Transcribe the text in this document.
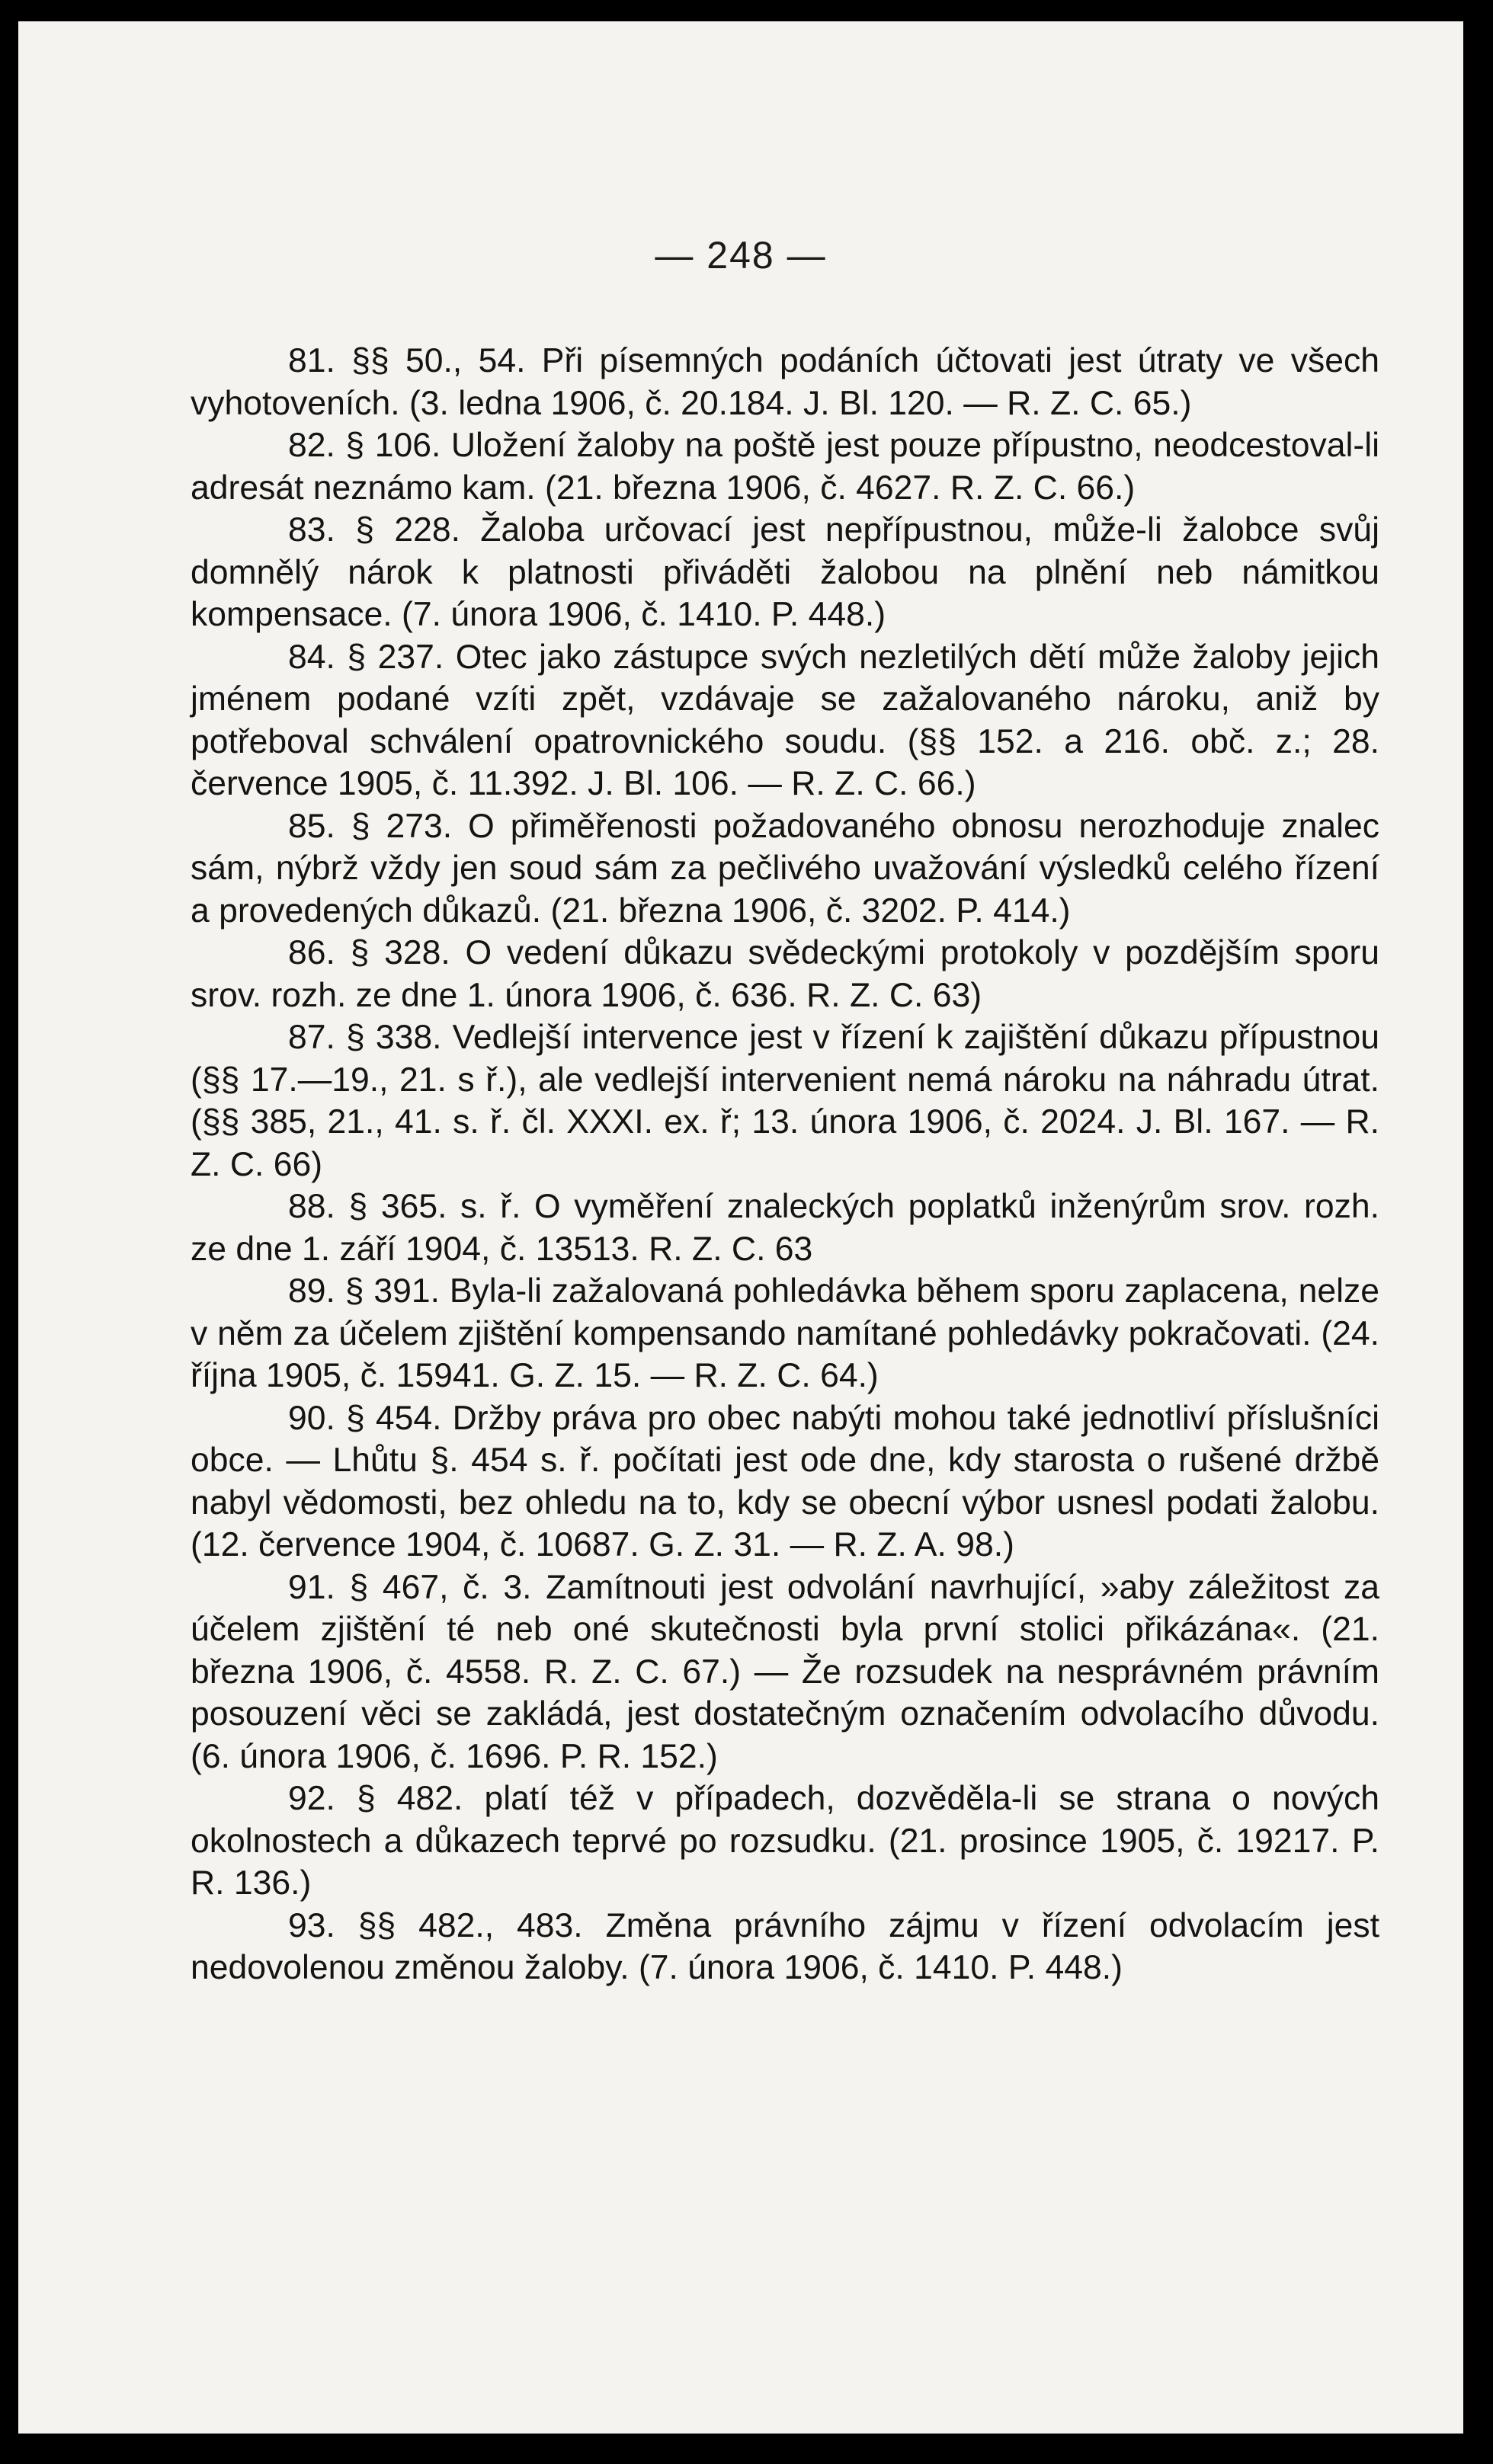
— 248 —

81. §§ 50., 54. Při písemných podáních účtovati jest útraty ve všech vyhotoveních. (3. ledna 1906, č. 20.184. J. Bl. 120. — R. Z. C. 65.)

82. § 106. Uložení žaloby na poště jest pouze přípustno, neodcestoval-li adresát neznámo kam. (21. března 1906, č. 4627. R. Z. C. 66.)

83. § 228. Žaloba určovací jest nepřípustnou, může-li žalobce svůj domnělý nárok k platnosti přiváděti žalobou na plnění neb námitkou kompensace. (7. února 1906, č. 1410. P. 448.)

84. § 237. Otec jako zástupce svých nezletilých dětí může žaloby jejich jménem podané vzíti zpět, vzdávaje se zažalovaného nároku, aniž by potřeboval schválení opatrovnického soudu. (§§ 152. a 216. obč. z.; 28. července 1905, č. 11.392. J. Bl. 106. — R. Z. C. 66.)

85. § 273. O přiměřenosti požadovaného obnosu nerozhoduje znalec sám, nýbrž vždy jen soud sám za pečlivého uvažování výsledků celého řízení a provedených důkazů. (21. března 1906, č. 3202. P. 414.)

86. § 328. O vedení důkazu svědeckými protokoly v pozdějším sporu srov. rozh. ze dne 1. února 1906, č. 636. R. Z. C. 63)

87. § 338. Vedlejší intervence jest v řízení k zajištění důkazu přípustnou (§§ 17.—19., 21. s ř.), ale vedlejší intervenient nemá nároku na náhradu útrat. (§§ 385, 21., 41. s. ř. čl. XXXI. ex. ř; 13. února 1906, č. 2024. J. Bl. 167. — R. Z. C. 66)

88. § 365. s. ř. O vyměření znaleckých poplatků inženýrům srov. rozh. ze dne 1. září 1904, č. 13513. R. Z. C. 63

89. § 391. Byla-li zažalovaná pohledávka během sporu zaplacena, nelze v něm za účelem zjištění kompensando namítané pohledávky pokračovati. (24. října 1905, č. 15941. G. Z. 15. — R. Z. C. 64.)

90. § 454. Držby práva pro obec nabýti mohou také jednotliví příslušníci obce. — Lhůtu §. 454 s. ř. počítati jest ode dne, kdy starosta o rušené držbě nabyl vědomosti, bez ohledu na to, kdy se obecní výbor usnesl podati žalobu. (12. července 1904, č. 10687. G. Z. 31. — R. Z. A. 98.)

91. § 467, č. 3. Zamítnouti jest odvolání navrhující, »aby záležitost za účelem zjištění té neb oné skutečnosti byla první stolici přikázána«. (21. března 1906, č. 4558. R. Z. C. 67.) — Že rozsudek na nesprávném právním posouzení věci se zakládá, jest dostatečným označením odvolacího důvodu. (6. února 1906, č. 1696. P. R. 152.)

92. § 482. platí též v případech, dozvěděla-li se strana o nových okolnostech a důkazech teprvé po rozsudku. (21. prosince 1905, č. 19217. P. R. 136.)

93. §§ 482., 483. Změna právního zájmu v řízení odvolacím jest nedovolenou změnou žaloby. (7. února 1906, č. 1410. P. 448.)
